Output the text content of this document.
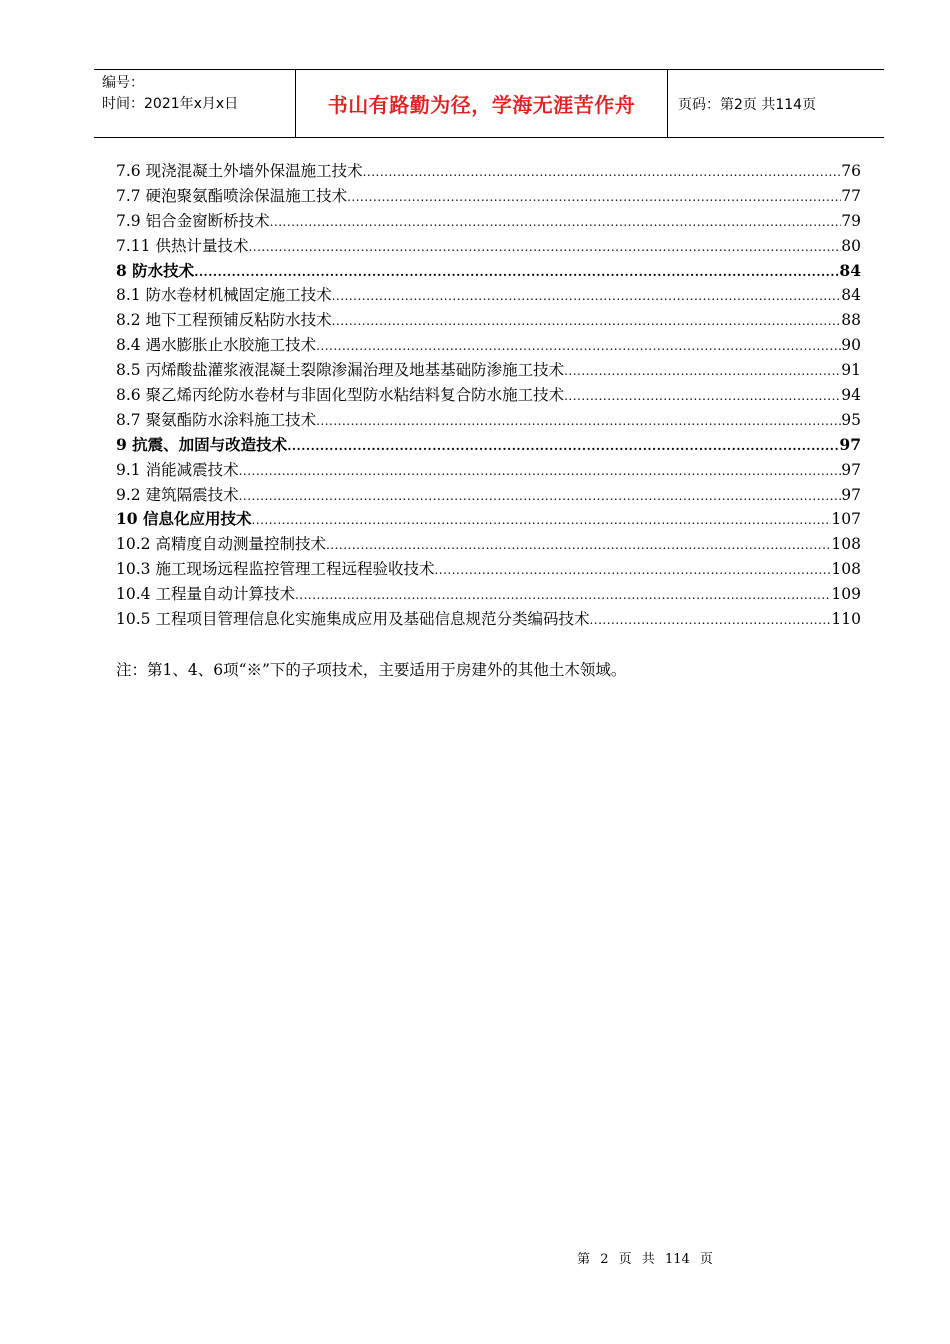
编号：
时间：2021年x月x日	书山有路勤为径，学海无涯苦作舟	页码：第2页 共114页
7.6 现浇混凝土外墙外保温施工技术 .....	76
7.7 硬泡聚氨酯喷涂保温施工技术 .....	77
7.9 铝合金窗断桥技术 .....	79
7.11 供热计量技术 .....	80
8 防水技术 .....	84
8.1 防水卷材机械固定施工技术 .....	84
8.2 地下工程预铺反粘防水技术 .....	88
8.4 遇水膨胀止水胶施工技术 .....	90
8.5 丙烯酸盐灌浆液混凝土裂隙渗漏治理及地基基础防渗施工技术 .....	91
8.6 聚乙烯丙纶防水卷材与非固化型防水粘结料复合防水施工技术 .....	94
8.7 聚氨酯防水涂料施工技术 .....	95
9 抗震、加固与改造技术 .....	97
9.1 消能减震技术 .....	97
9.2 建筑隔震技术 .....	97
10 信息化应用技术 .....	107
10.2 高精度自动测量控制技术 .....	108
10.3 施工现场远程监控管理工程远程验收技术 .....	108
10.4 工程量自动计算技术 .....	109
10.5 工程项目管理信息化实施集成应用及基础信息规范分类编码技术 .....	110
注：第1、4、6项“※”下的子项技术，主要适用于房建外的其他土木领域。
第 2 页 共 114 页
